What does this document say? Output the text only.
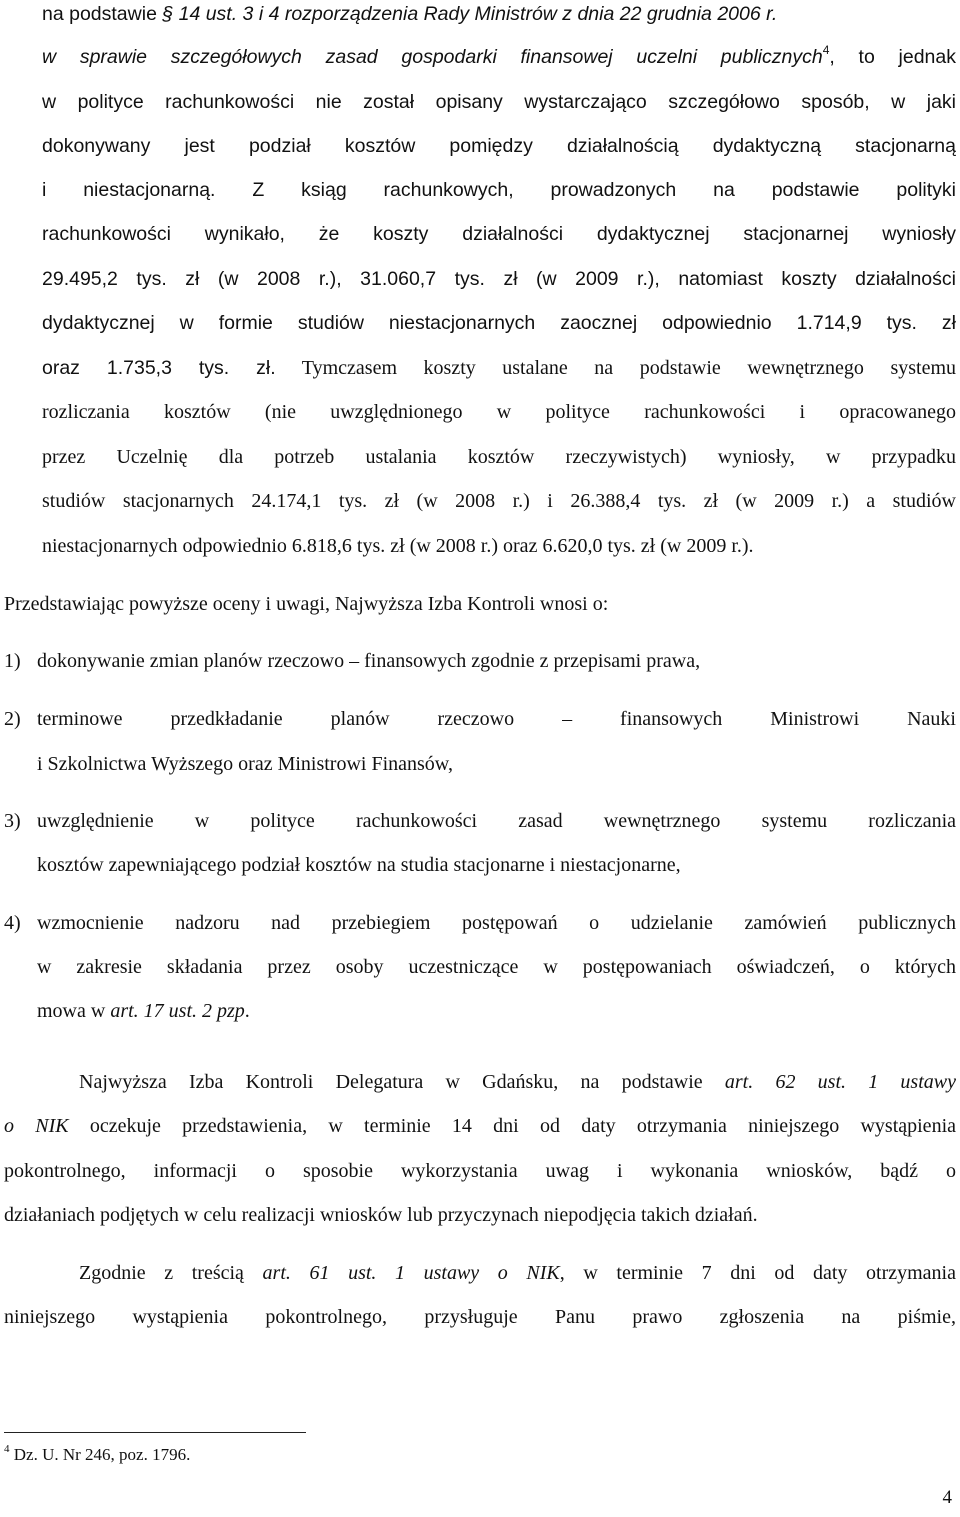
na podstawie § 14 ust. 3 i 4 rozporządzenia Rady Ministrów z dnia 22 grudnia 2006 r.
w sprawie szczegółowych zasad gospodarki finansowej uczelni publicznych$^4$, to jednak
w polityce rachunkowości nie został opisany wystarczająco szczegółowo sposób, w jaki
dokonywany jest podział kosztów pomiędzy działalnością dydaktyczną stacjonarną
i niestacjonarną. Z ksiąg rachunkowych, prowadzonych na podstawie polityki
rachunkowości wynikało, że koszty działalności dydaktycznej stacjonarnej wyniosły
29.495,2 tys. zł (w 2008 r.), 31.060,7 tys. zł (w 2009 r.), natomiast koszty działalności
dydaktycznej w formie studiów niestacjonarnych zaocznej odpowiednio 1.714,9 tys. zł
oraz 1.735,3 tys. zł. Tymczasem koszty ustalane na podstawie wewnętrznego systemu
rozliczania kosztów (nie uwzględnionego w polityce rachunkowości i opracowanego
przez Uczelnię dla potrzeb ustalania kosztów rzeczywistych) wyniosły, w przypadku
studiów stacjonarnych 24.174,1 tys. zł (w 2008 r.) i 26.388,4 tys. zł (w 2009 r.) a studiów
niestacjonarnych odpowiednio 6.818,6 tys. zł (w 2008 r.) oraz 6.620,0 tys. zł (w 2009 r.).
Przedstawiając powyższe oceny i uwagi, Najwyższa Izba Kontroli wnosi o:
1) dokonywanie zmian planów rzeczowo – finansowych zgodnie z przepisami prawa,
2) terminowe przedkładanie planów rzeczowo – finansowych Ministrowi Nauki
i Szkolnictwa Wyższego oraz Ministrowi Finansów,
3) uwzględnienie w polityce rachunkowości zasad wewnętrznego systemu rozliczania
kosztów zapewniającego podział kosztów na studia stacjonarne i niestacjonarne,
4) wzmocnienie nadzoru nad przebiegiem postępowań o udzielanie zamówień publicznych
w zakresie składania przez osoby uczestniczące w postępowaniach oświadczeń, o których
mowa w art. 17 ust. 2 pzp.
Najwyższa Izba Kontroli Delegatura w Gdańsku, na podstawie art. 62 ust. 1 ustawy
o NIK oczekuje przedstawienia, w terminie 14 dni od daty otrzymania niniejszego wystąpienia
pokontrolnego, informacji o sposobie wykorzystania uwag i wykonania wniosków, bądź o
działaniach podjętych w celu realizacji wniosków lub przyczynach niepodjęcia takich działań.
Zgodnie z treścią art. 61 ust. 1 ustawy o NIK, w terminie 7 dni od daty otrzymania
niniejszego wystąpienia pokontrolnego, przysługuje Panu prawo zgłoszenia na piśmie,
$^4$ Dz. U. Nr 246, poz. 1796.
4
